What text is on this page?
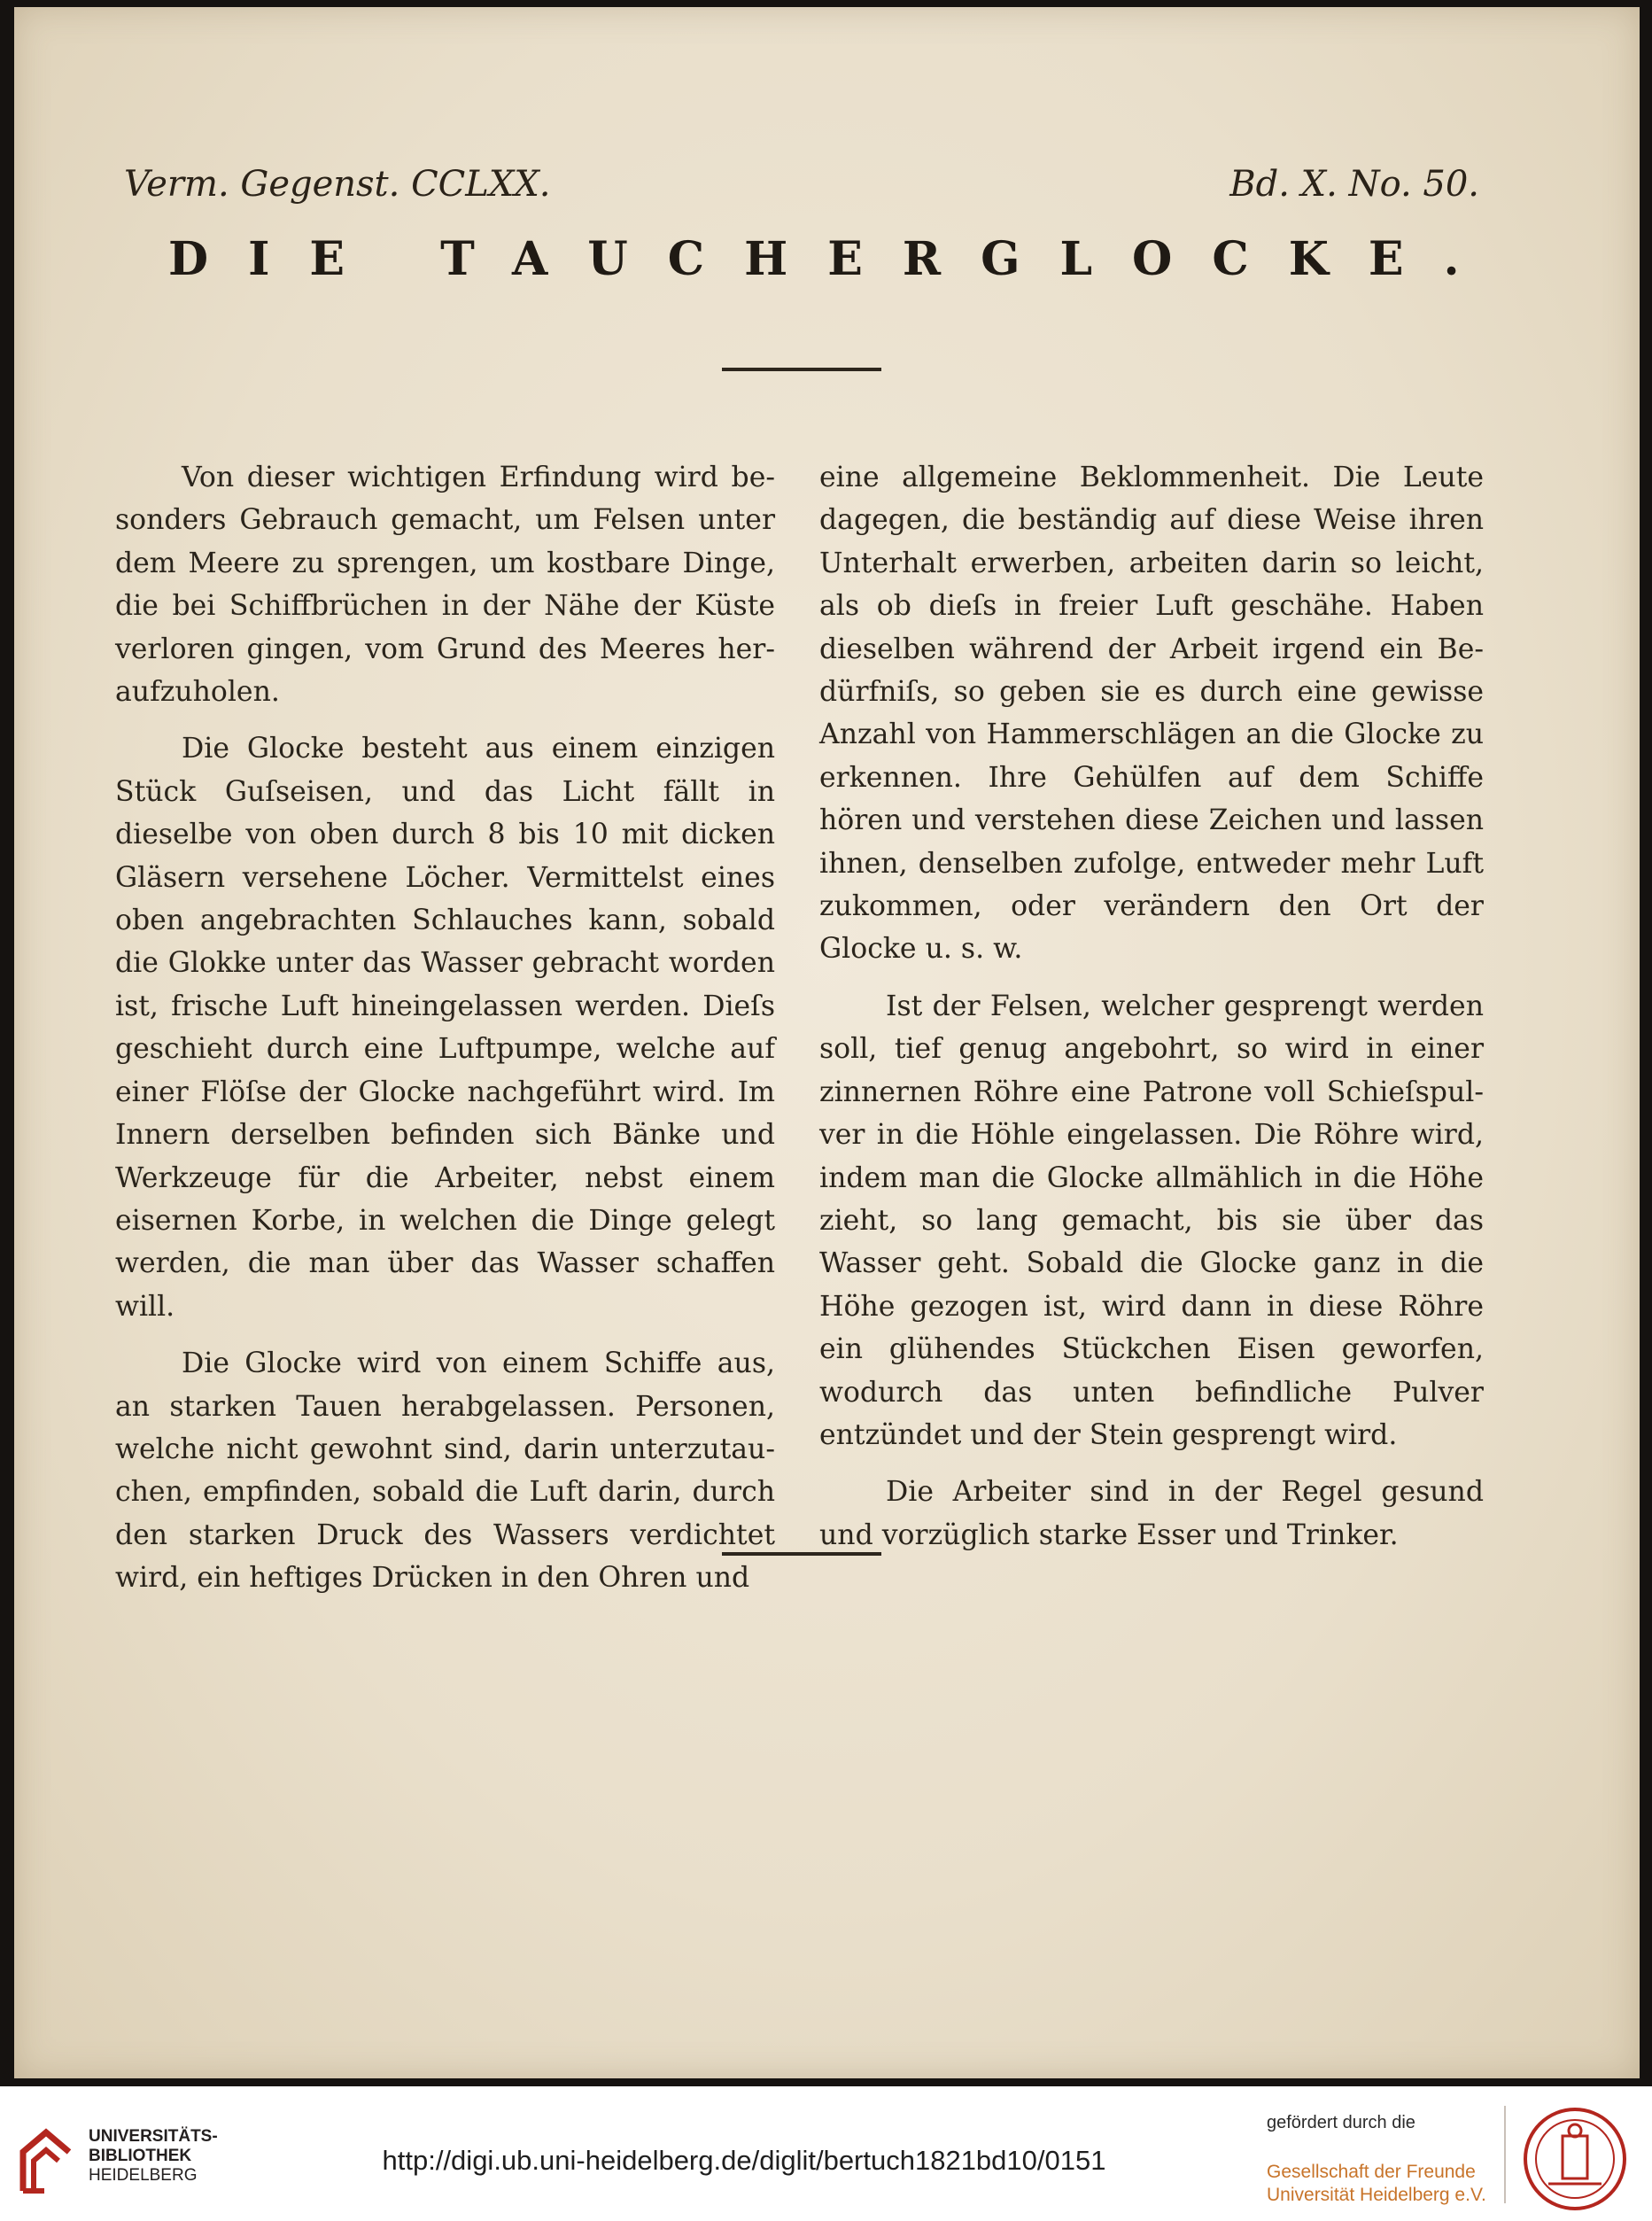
Verm. Gegenst. CCLXX.	Bd. X. No. 50.
DIE TAUCHERGLOCKE.

Von dieser wichtigen Erfindung wird besonders Gebrauch gemacht, um Felsen unter dem Meere zu sprengen, um kostbare Dinge, die bei Schiffbrüchen in der Nähe der Küste verloren gingen, vom Grund des Meeres heraufzuholen.

Die Glocke besteht aus einem einzigen Stück Guſseisen, und das Licht fällt in dieselbe von oben durch 8 bis 10 mit dicken Gläsern versehene Löcher. Vermittelst eines oben angebrachten Schlauches kann, sobald die Glokke unter das Wasser gebracht worden ist, frische Luft hineingelassen werden. Dieſs geschieht durch eine Luftpumpe, welche auf einer Flöſse der Glocke nachgeführt wird. Im Innern derselben befinden sich Bänke und Werkzeuge für die Arbeiter, nebst einem eisernen Korbe, in welchen die Dinge gelegt werden, die man über das Wasser schaffen will.

Die Glocke wird von einem Schiffe aus, an starken Tauen herabgelassen. Personen, welche nicht gewohnt sind, darin unterzutauchen, empfinden, sobald die Luft darin, durch den starken Druck des Wassers verdichtet wird, ein heftiges Drücken in den Ohren und

eine allgemeine Beklommenheit. Die Leute dagegen, die beständig auf diese Weise ihren Unterhalt erwerben, arbeiten darin so leicht, als ob dieſs in freier Luft geschähe. Haben dieselben während der Arbeit irgend ein Bedürfniſs, so geben sie es durch eine gewisse Anzahl von Hammerschlägen an die Glocke zu erkennen. Ihre Gehülfen auf dem Schiffe hören und verstehen diese Zeichen und lassen ihnen, denselben zufolge, entweder mehr Luft zukommen, oder verändern den Ort der Glocke u. s. w.

Ist der Felsen, welcher gesprengt werden soll, tief genug angebohrt, so wird in einer zinnernen Röhre eine Patrone voll Schieſspulver in die Höhle eingelassen. Die Röhre wird, indem man die Glocke allmählich in die Höhe zieht, so lang gemacht, bis sie über das Wasser geht. Sobald die Glocke ganz in die Höhe gezogen ist, wird dann in diese Röhre ein glühendes Stückchen Eisen geworfen, wodurch das unten befindliche Pulver entzündet und der Stein gesprengt wird.

Die Arbeiter sind in der Regel gesund und vorzüglich starke Esser und Trinker.

UNIVERSITÄTS-
BIBLIOTHEK
HEIDELBERG	http://digi.ub.uni-heidelberg.de/diglit/bertuch1821bd10/0151
gefördert durch die
Gesellschaft der Freunde
Universität Heidelberg e.V.
